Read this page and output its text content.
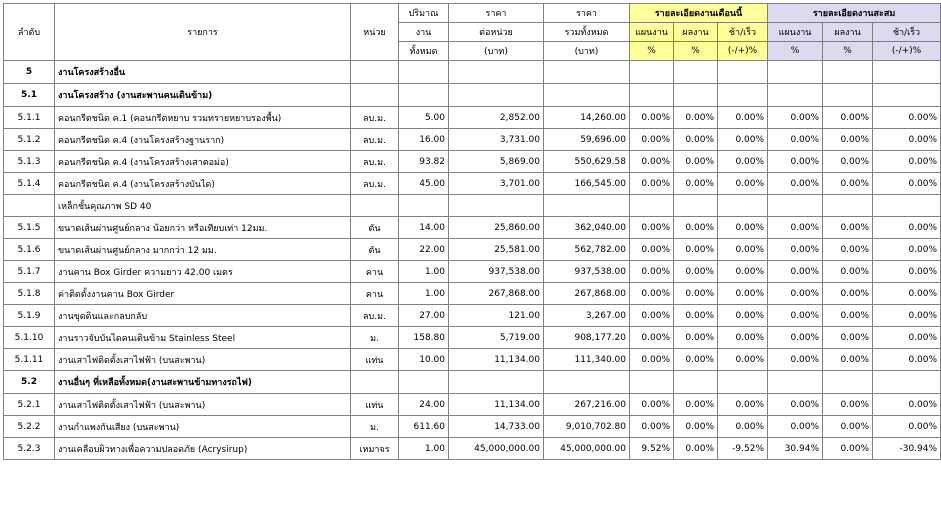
ลำดับ	รายการ	หน่วย	ปริมาณ	ราคา	ราคา	รายละเอียดงานเดือนนี้			รายละเอียดงานสะสม		
			งาน	ต่อหน่วย	รวมทั้งหมด	แผนงาน	ผลงาน	ช้า/เร็ว	แผนงาน	ผลงาน	ช้า/เร็ว
			ทั้งหมด	(บาท)	(บาท)	%	%	(-/+)%	%	%	(-/+)%
5	งานโครงสร้างอื่น										
5.1	งานโครงสร้าง (งานสะพานคนเดินข้าม)										
5.1.1	คอนกรีตชนิด ค.1 (คอนกรีตหยาบ รวมทรายหยาบรองพื้น)	ลบ.ม.	5.00	2,852.00	14,260.00	0.00%	0.00%	0.00%	0.00%	0.00%	0.00%
5.1.2	คอนกรีตชนิด ค.4 (งานโครงสร้างฐานราก)	ลบ.ม.	16.00	3,731.00	59,696.00	0.00%	0.00%	0.00%	0.00%	0.00%	0.00%
5.1.3	คอนกรีตชนิด ค.4 (งานโครงสร้างเสาตอม่อ)	ลบ.ม.	93.82	5,869.00	550,629.58	0.00%	0.00%	0.00%	0.00%	0.00%	0.00%
5.1.4	คอนกรีตชนิด ค.4 (งานโครงสร้างบันได)	ลบ.ม.	45.00	3,701.00	166,545.00	0.00%	0.00%	0.00%	0.00%	0.00%	0.00%
	เหล็กชั้นคุณภาพ SD 40										
5.1.5	ขนาดเส้นผ่านศูนย์กลาง น้อยกว่า หรือเทียบเท่า 12มม.	ตัน	14.00	25,860.00	362,040.00	0.00%	0.00%	0.00%	0.00%	0.00%	0.00%
5.1.6	ขนาดเส้นผ่านศูนย์กลาง มากกว่า 12 มม.	ตัน	22.00	25,581.00	562,782.00	0.00%	0.00%	0.00%	0.00%	0.00%	0.00%
5.1.7	งานคาน Box Girder ความยาว 42.00 เมตร	คาน	1.00	937,538.00	937,538.00	0.00%	0.00%	0.00%	0.00%	0.00%	0.00%
5.1.8	ค่าติดตั้งงานคาน Box Girder	คาน	1.00	267,868.00	267,868.00	0.00%	0.00%	0.00%	0.00%	0.00%	0.00%
5.1.9	งานขุดดินและกลบกลับ	ลบ.ม.	27.00	121.00	3,267.00	0.00%	0.00%	0.00%	0.00%	0.00%	0.00%
5.1.10	งานราวจับบันไดคนเดินข้าม Stainless Steel	ม.	158.80	5,719.00	908,177.20	0.00%	0.00%	0.00%	0.00%	0.00%	0.00%
5.1.11	งานเสาไฟติดตั้งเสาไฟฟ้า (บนสะพาน)	แท่น	10.00	11,134.00	111,340.00	0.00%	0.00%	0.00%	0.00%	0.00%	0.00%
5.2	งานอื่นๆ ที่เหลือทั้งหมด(งานสะพานข้ามทางรถไฟ)										
5.2.1	งานเสาไฟติดตั้งเสาไฟฟ้า (บนสะพาน)	แท่น	24.00	11,134.00	267,216.00	0.00%	0.00%	0.00%	0.00%	0.00%	0.00%
5.2.2	งานกำแพงกันเสียง (บนสะพาน)	ม.	611.60	14,733.00	9,010,702.80	0.00%	0.00%	0.00%	0.00%	0.00%	0.00%
5.2.3	งานเคลือบผิวทางเพื่อความปลอดภัย (Acrysirup)	เหมาจร	1.00	45,000,000.00	45,000,000.00	9.52%	0.00%	-9.52%	30.94%	0.00%	-30.94%
